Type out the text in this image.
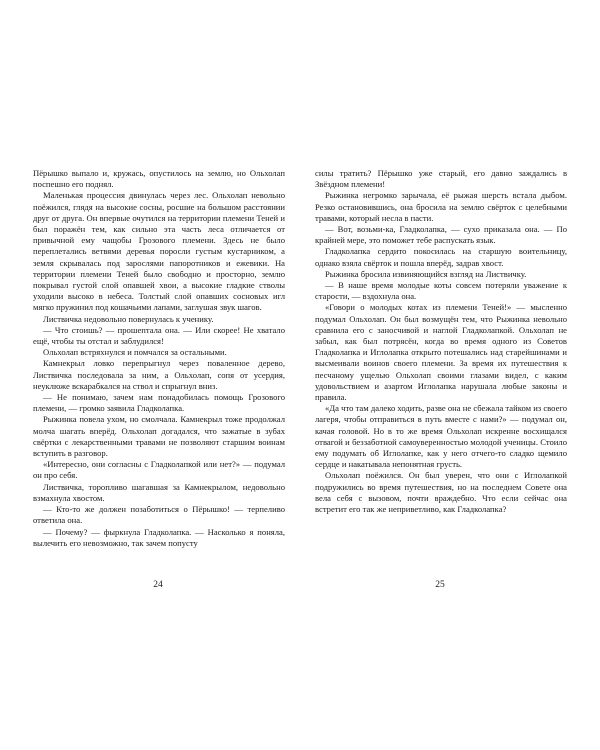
Пёрышко выпало и, кружась, опустилось на землю, но Ольхолап поспешно его поднял.

Маленькая процессия двинулась через лес. Ольхолап невольно поёжился, глядя на высокие сосны, росшие на большом расстоянии друг от друга. Он впервые очутился на территории племени Теней и был поражён тем, как сильно эта часть леса отличается от привычной ему чащобы Грозового племени. Здесь не было переплетались ветвями деревья поросли густым кустарником, а земля скрывалась под зарослями папоротников и ежевики. На территории племени Теней было свободно и просторно, землю покрывал густой слой опавшей хвои, а высокие гладкие стволы уходили высоко в небеса. Толстый слой опавших сосновых игл мягко пружинил под кошачьими лапами, заглушая звук шагов.

Листвичка недовольно повернулась к ученику.

— Что стоишь? — прошептала она. — Или скорее! Не хватало ещё, чтобы ты отстал и заблудился!

Ольхолап встряхнулся и помчался за остальными.

Камнекрыл ловко перепрыгнул через поваленное дерево, Листвичка последовала за ним, а Ольхолап, сопя от усердия, неуклюже вскарабкался на ствол и спрыгнул вниз.

— Не понимаю, зачем нам понадобилась помощь Грозового племени, — громко заявила Гладколапка.

Рыжинка повела ухом, но смолчала. Камнекрыл тоже продолжал молча шагать вперёд. Ольхолап догадался, что зажатые в зубах свёртки с лекарственными травами не позволяют старшим воинам вступить в разговор.

«Интересно, они согласны с Гладколапкой или нет?» — подумал он про себя.

Листвичка, торопливо шагавшая за Камнекрылом, недовольно взмахнула хвостом.

— Кто-то же должен позаботиться о Пёрышко! — терпеливо ответила она.

— Почему? — фыркнула Гладколапка. — Насколько я поняла, вылечить его невозможно, так зачем попусту

24

силы тратить? Пёрышко уже старый, его давно заждались в Звёздном племени!

Рыжинка негромко зарычала, её рыжая шерсть встала дыбом. Резко остановившись, она бросила на землю свёрток с целебными травами, который несла в пасти.

— Вот, возьми-ка, Гладколапка, — сухо приказала она. — По крайней мере, это поможет тебе распускать язык.

Гладколапка сердито покосилась на старшую воительницу, однако взяла свёрток и пошла вперёд, задрав хвост.

Рыжинка бросила извиняющийся взгляд на Листвичку.

— В наше время молодые коты совсем потеряли уважение к старости, — вздохнула она.

«Говори о молодых котах из племени Теней!» — мысленно подумал Ольхолап. Он был возмущён тем, что Рыжинка невольно сравнила его с заносчивой и наглой Гладколапкой. Ольхолап не забыл, как был потрясён, когда во время одного из Советов Гладколапка и Иглолапка открыто потешались над старейшинами и высмеивали воинов своего племени. За время их путешествия к песчаному ущелью Ольхолап своими глазами видел, с каким удовольствием и азартом Иглолапка нарушала любые законы и правила.

«Да что там далеко ходить, разве она не сбежала тайком из своего лагеря, чтобы отправиться в путь вместе с нами?» — подумал он, качая головой. Но в то же время Ольхолап искренне восхищался отвагой и беззаботной самоуверенностью молодой ученицы. Стоило ему подумать об Иглолапке, как у него отчего-то сладко щемило сердце и накатывала непонятная грусть.

Ольхолап поёжился. Он был уверен, что они с Иглолапкой подружились во время путешествия, но на последнем Совете она вела себя с вызовом, почти враждебно. Что если сейчас она встретит его так же неприветливо, как Гладколапка?

25
